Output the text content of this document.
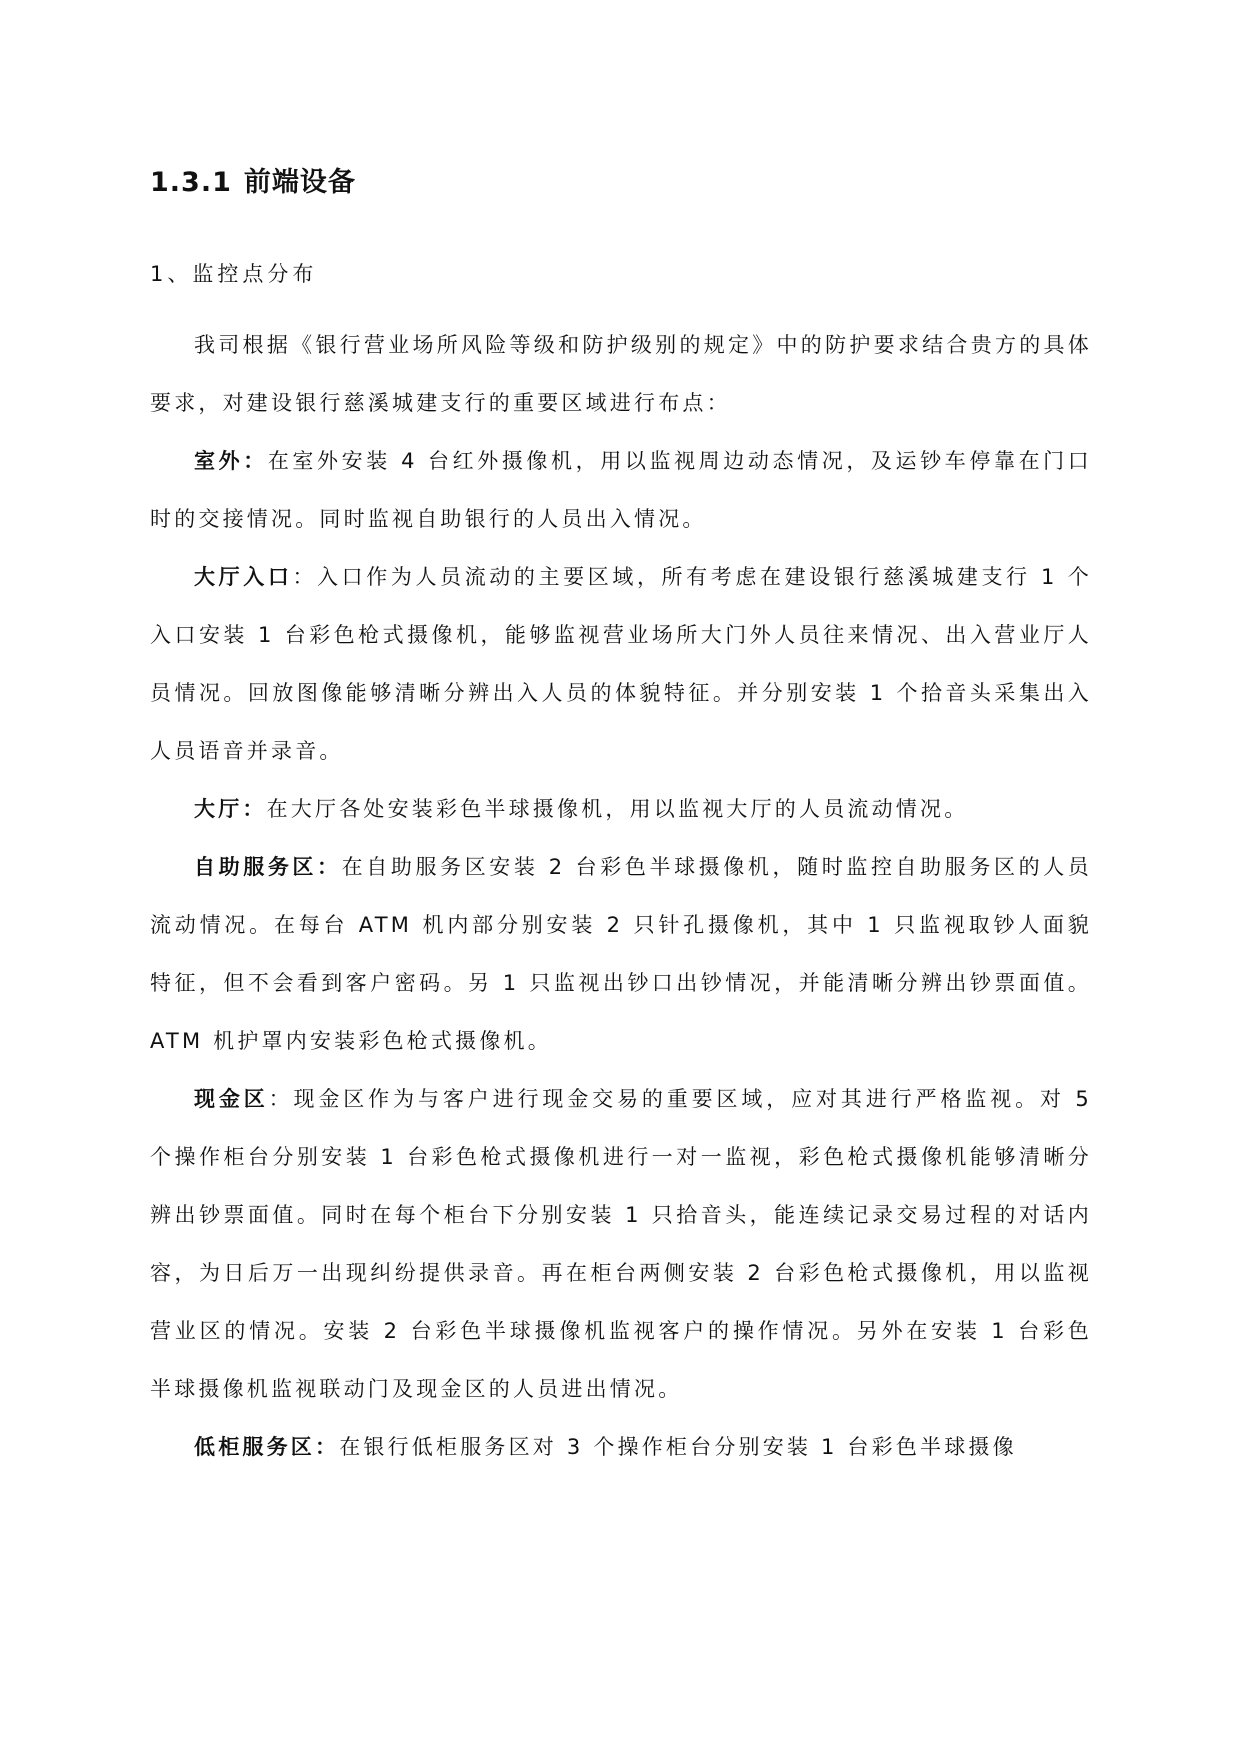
1.3.1 前端设备

1、监控点分布

我司根据《银行营业场所风险等级和防护级别的规定》中的防护要求结合贵方的具体要求，对建设银行慈溪城建支行的重要区域进行布点：

室外：在室外安装 4 台红外摄像机，用以监视周边动态情况，及运钞车停靠在门口时的交接情况。同时监视自助银行的人员出入情况。

大厅入口：入口作为人员流动的主要区域，所有考虑在建设银行慈溪城建支行 1 个入口安装 1 台彩色枪式摄像机，能够监视营业场所大门外人员往来情况、出入营业厅人员情况。回放图像能够清晰分辨出入人员的体貌特征。并分别安装 1 个拾音头采集出入人员语音并录音。

大厅：在大厅各处安装彩色半球摄像机，用以监视大厅的人员流动情况。

自助服务区：在自助服务区安装 2 台彩色半球摄像机，随时监控自助服务区的人员流动情况。在每台 ATM 机内部分别安装 2 只针孔摄像机，其中 1 只监视取钞人面貌特征，但不会看到客户密码。另 1 只监视出钞口出钞情况，并能清晰分辨出钞票面值。ATM 机护罩内安装彩色枪式摄像机。

现金区：现金区作为与客户进行现金交易的重要区域，应对其进行严格监视。对 5 个操作柜台分别安装 1 台彩色枪式摄像机进行一对一监视，彩色枪式摄像机能够清晰分辨出钞票面值。同时在每个柜台下分别安装 1 只拾音头，能连续记录交易过程的对话内容，为日后万一出现纠纷提供录音。再在柜台两侧安装 2 台彩色枪式摄像机，用以监视营业区的情况。安装 2 台彩色半球摄像机监视客户的操作情况。另外在安装 1 台彩色半球摄像机监视联动门及现金区的人员进出情况。

低柜服务区：在银行低柜服务区对 3 个操作柜台分别安装 1 台彩色半球摄像
